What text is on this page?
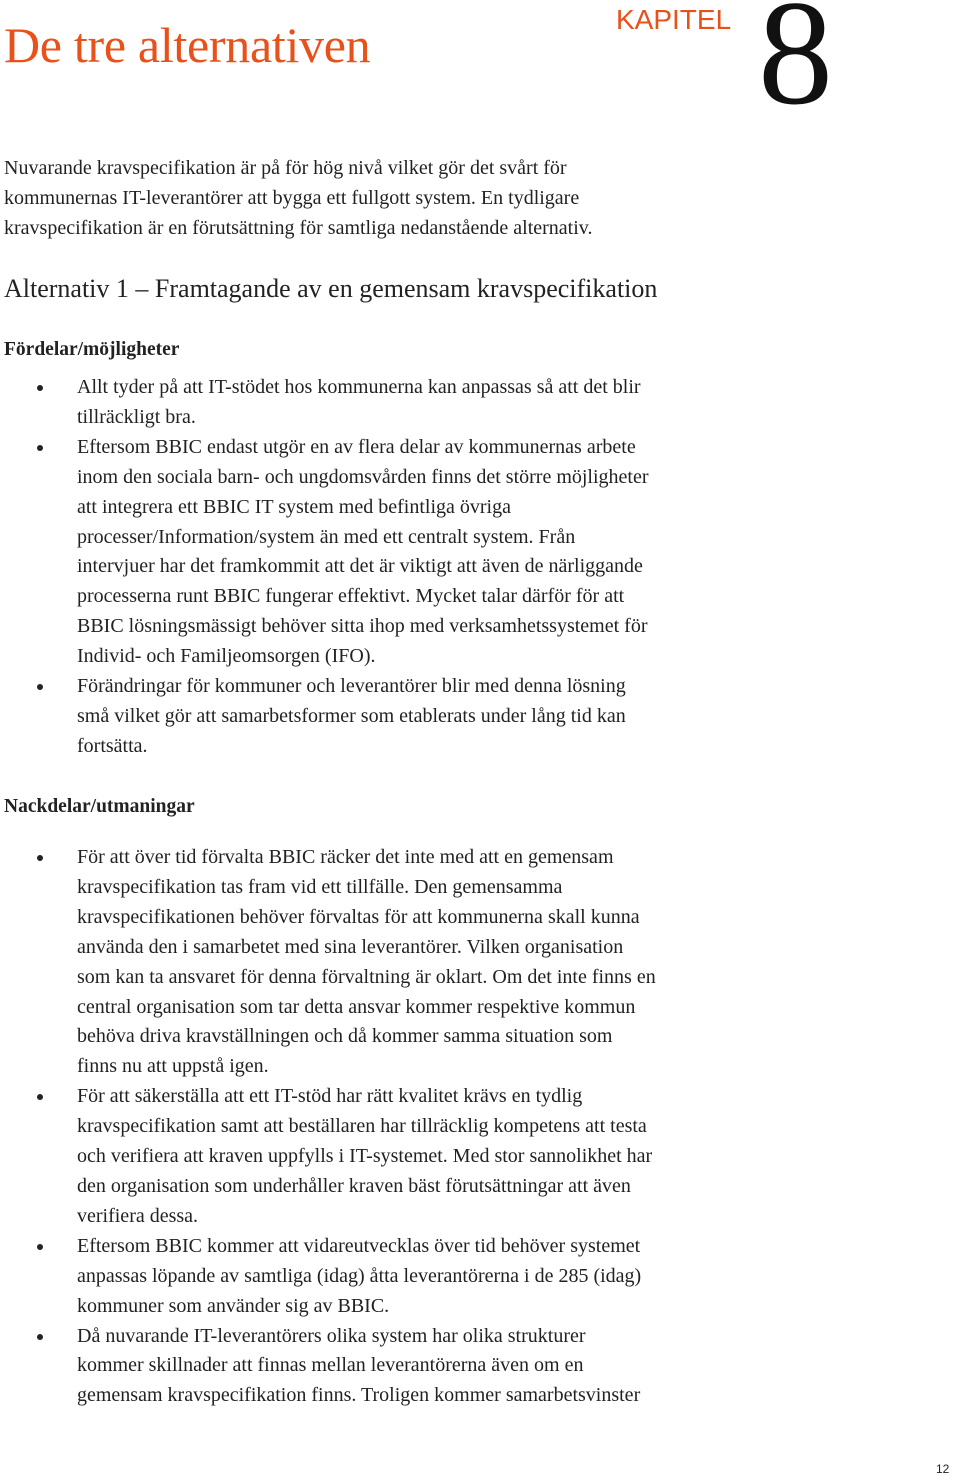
De tre alternativen	KAPITEL 8

Nuvarande kravspecifikation är på för hög nivå vilket gör det svårt för
kommunernas IT-leverantörer att bygga ett fullgott system. En tydligare
kravspecifikation är en förutsättning för samtliga nedanstående alternativ.

Alternativ 1 – Framtagande av en gemensam kravspecifikation
Fördelar/möjligheter
Allt tyder på att IT-stödet hos kommunerna kan anpassas så att det blir
tillräckligt bra.
Eftersom BBIC endast utgör en av flera delar av kommunernas arbete
inom den sociala barn- och ungdomsvården finns det större möjligheter
att integrera ett BBIC IT system med befintliga övriga
processer/Information/system än med ett centralt system. Från
intervjuer har det framkommit att det är viktigt att även de närliggande
processerna runt BBIC fungerar effektivt. Mycket talar därför för att
BBIC lösningsmässigt behöver sitta ihop med verksamhetssystemet för
Individ- och Familjeomsorgen (IFO).
Förändringar för kommuner och leverantörer blir med denna lösning
små vilket gör att samarbetsformer som etablerats under lång tid kan
fortsätta.
Nackdelar/utmaningar
För att över tid förvalta BBIC räcker det inte med att en gemensam
kravspecifikation tas fram vid ett tillfälle. Den gemensamma
kravspecifikationen behöver förvaltas för att kommunerna skall kunna
använda den i samarbetet med sina leverantörer. Vilken organisation
som kan ta ansvaret för denna förvaltning är oklart. Om det inte finns en
central organisation som tar detta ansvar kommer respektive kommun
behöva driva kravställningen och då kommer samma situation som
finns nu att uppstå igen.
För att säkerställa att ett IT-stöd har rätt kvalitet krävs en tydlig
kravspecifikation samt att beställaren har tillräcklig kompetens att testa
och verifiera att kraven uppfylls i IT-systemet. Med stor sannolikhet har
den organisation som underhåller kraven bäst förutsättningar att även
verifiera dessa.
Eftersom BBIC kommer att vidareutvecklas över tid behöver systemet
anpassas löpande av samtliga (idag) åtta leverantörerna i de 285 (idag)
kommuner som använder sig av BBIC.
Då nuvarande IT-leverantörers olika system har olika strukturer
kommer skillnader att finnas mellan leverantörerna även om en
gemensam kravspecifikation finns. Troligen kommer samarbetsvinster
12
